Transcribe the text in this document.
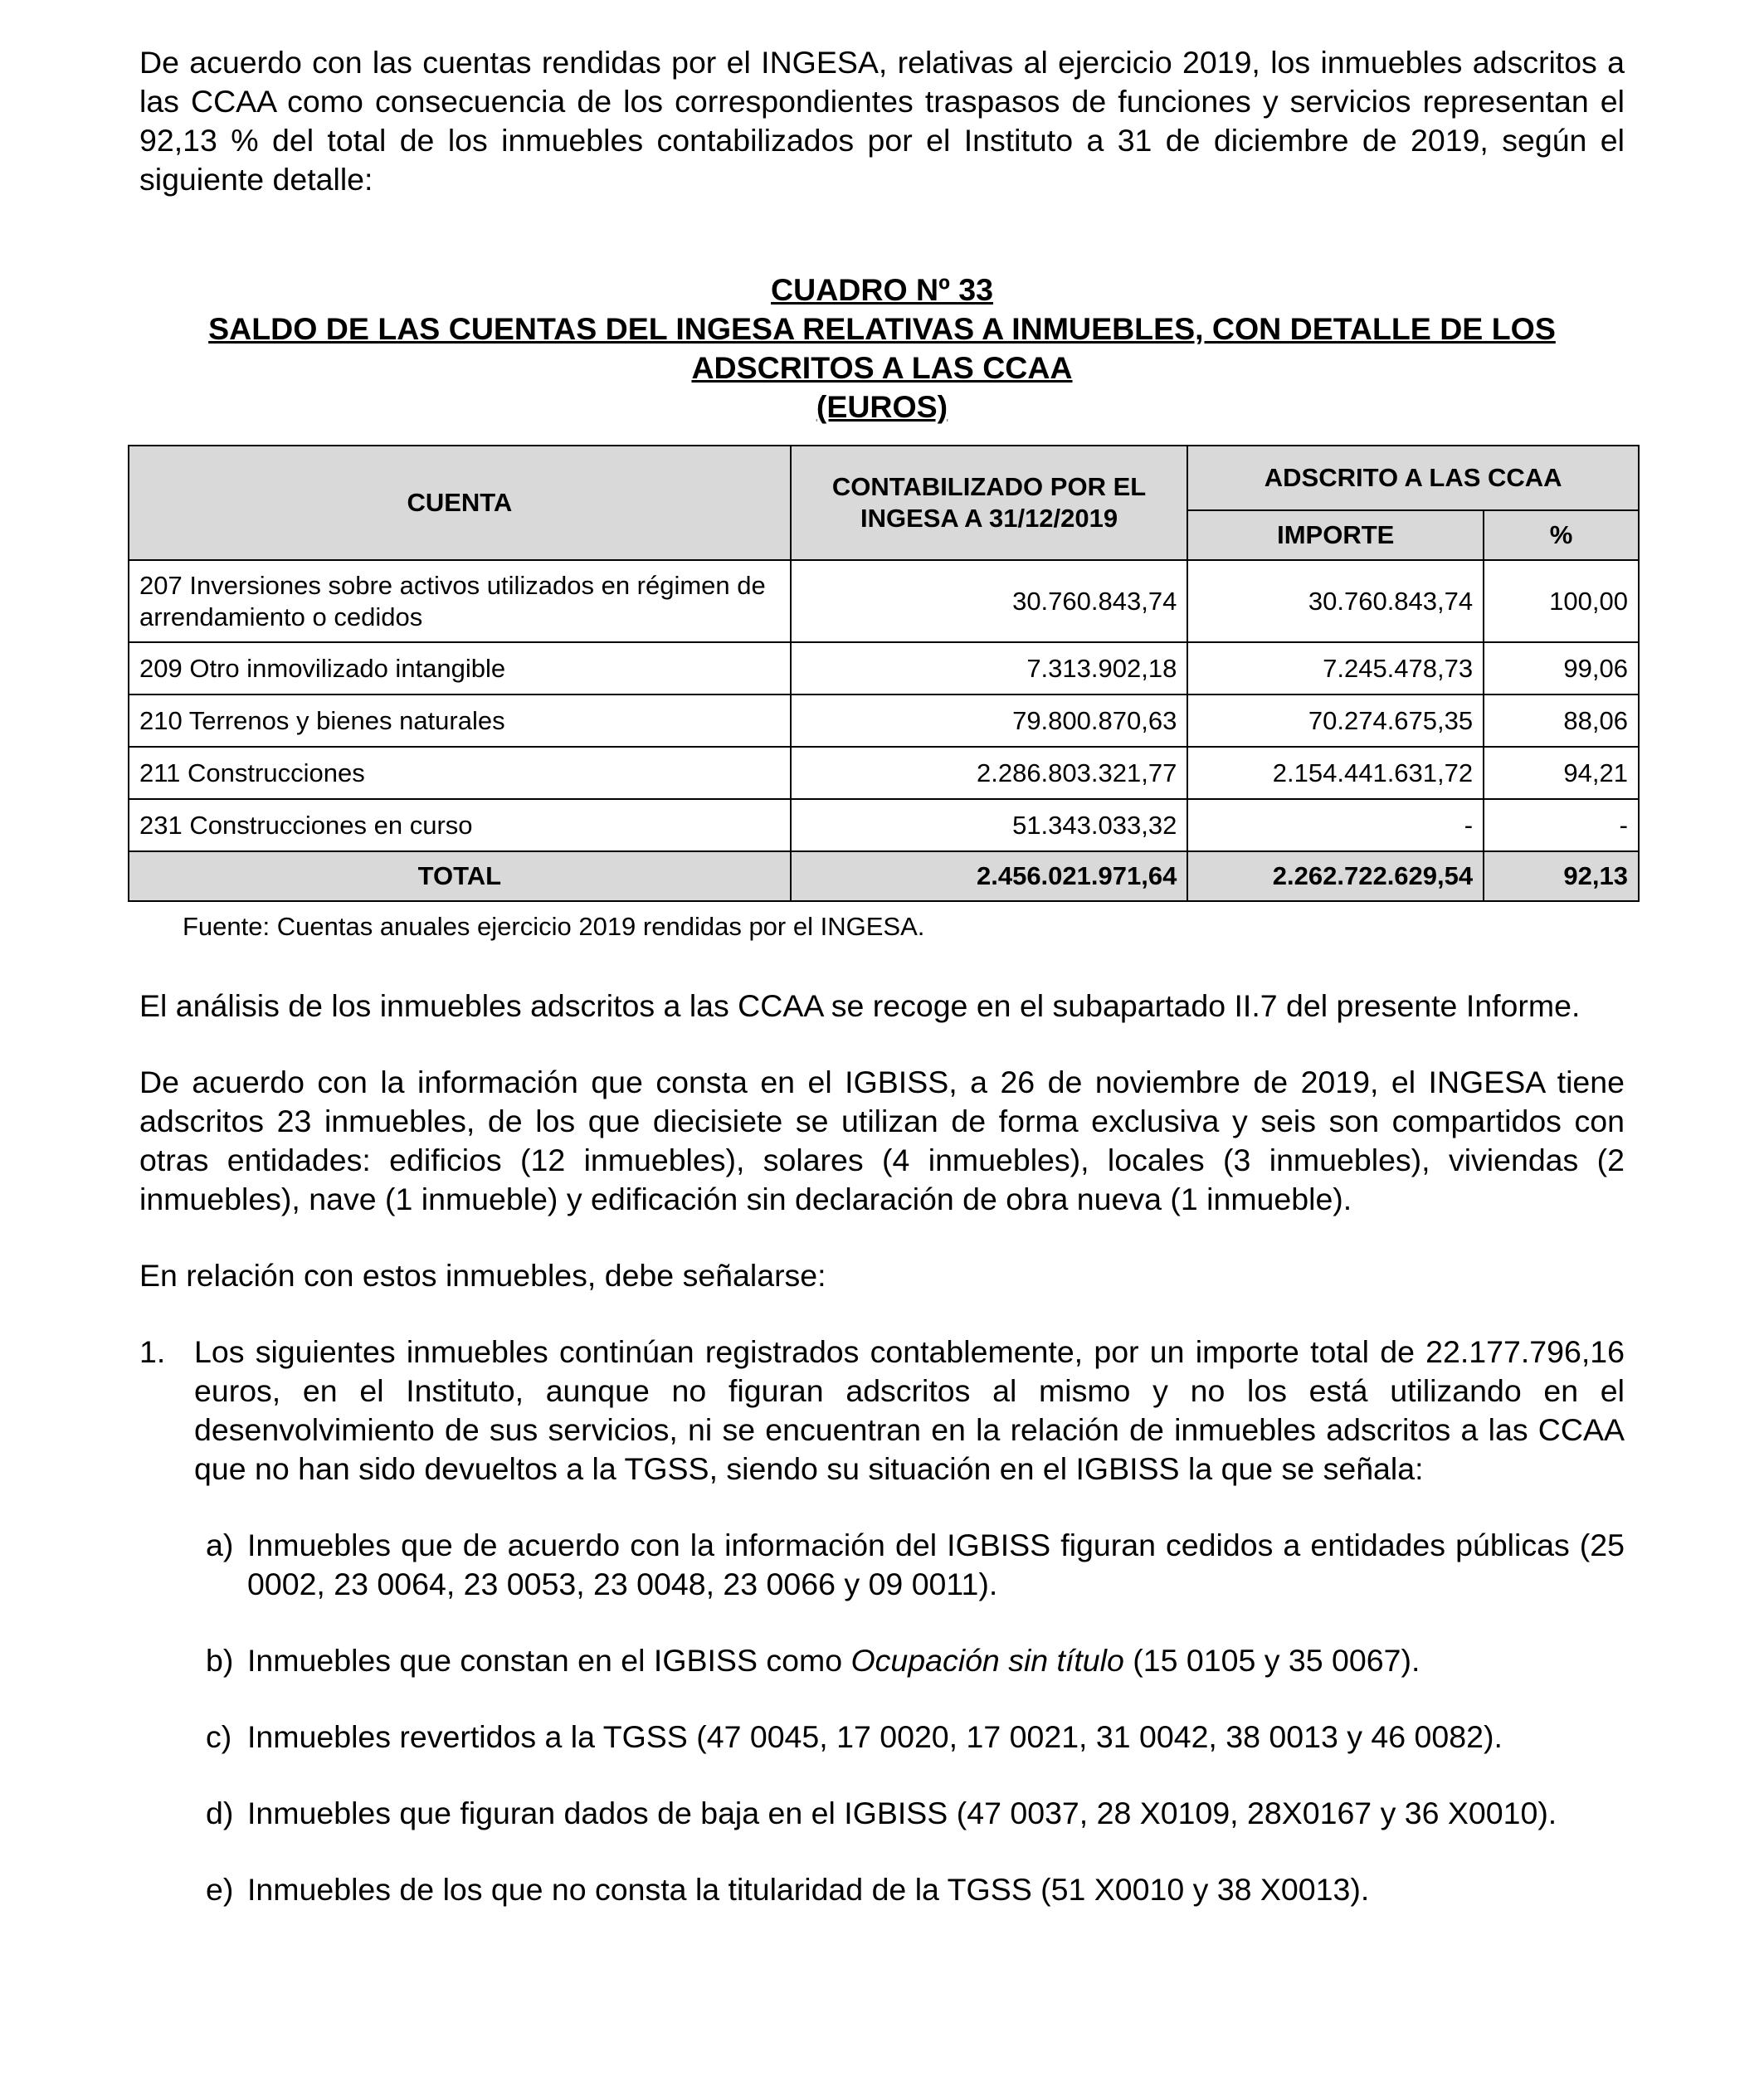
De acuerdo con las cuentas rendidas por el INGESA, relativas al ejercicio 2019, los inmuebles adscritos a las CCAA como consecuencia de los correspondientes traspasos de funciones y servicios representan el 92,13 % del total de los inmuebles contabilizados por el Instituto a 31 de diciembre de 2019, según el siguiente detalle:

CUADRO Nº 33

SALDO DE LAS CUENTAS DEL INGESA RELATIVAS A INMUEBLES, CON DETALLE DE LOS ADSCRITOS A LAS CCAA

(EUROS)

CUENTA	CONTABILIZADO POR EL INGESA A 31/12/2019	ADSCRITO A LAS CCAA	
		IMPORTE	%
207 Inversiones sobre activos utilizados en régimen de arrendamiento o cedidos	30.760.843,74	30.760.843,74	100,00
209 Otro inmovilizado intangible	7.313.902,18	7.245.478,73	99,06
210 Terrenos y bienes naturales	79.800.870,63	70.274.675,35	88,06
211 Construcciones	2.286.803.321,77	2.154.441.631,72	94,21
231 Construcciones en curso	51.343.033,32	-	-
TOTAL	2.456.021.971,64	2.262.722.629,54	92,13

Fuente: Cuentas anuales ejercicio 2019 rendidas por el INGESA.

El análisis de los inmuebles adscritos a las CCAA se recoge en el subapartado II.7 del presente Informe.

De acuerdo con la información que consta en el IGBISS, a 26 de noviembre de 2019, el INGESA tiene adscritos 23 inmuebles, de los que diecisiete se utilizan de forma exclusiva y seis son compartidos con otras entidades: edificios (12 inmuebles), solares (4 inmuebles), locales (3 inmuebles), viviendas (2 inmuebles), nave (1 inmueble) y edificación sin declaración de obra nueva (1 inmueble).

En relación con estos inmuebles, debe señalarse:

1. Los siguientes inmuebles continúan registrados contablemente, por un importe total de 22.177.796,16 euros, en el Instituto, aunque no figuran adscritos al mismo y no los está utilizando en el desenvolvimiento de sus servicios, ni se encuentran en la relación de inmuebles adscritos a las CCAA que no han sido devueltos a la TGSS, siendo su situación en el IGBISS la que se señala:
a) Inmuebles que de acuerdo con la información del IGBISS figuran cedidos a entidades públicas (25 0002, 23 0064, 23 0053, 23 0048, 23 0066 y 09 0011).
b) Inmuebles que constan en el IGBISS como Ocupación sin título (15 0105 y 35 0067).
c) Inmuebles revertidos a la TGSS (47 0045, 17 0020, 17 0021, 31 0042, 38 0013 y 46 0082).
d) Inmuebles que figuran dados de baja en el IGBISS (47 0037, 28 X0109, 28X0167 y 36 X0010).
e) Inmuebles de los que no consta la titularidad de la TGSS (51 X0010 y 38 X0013).
